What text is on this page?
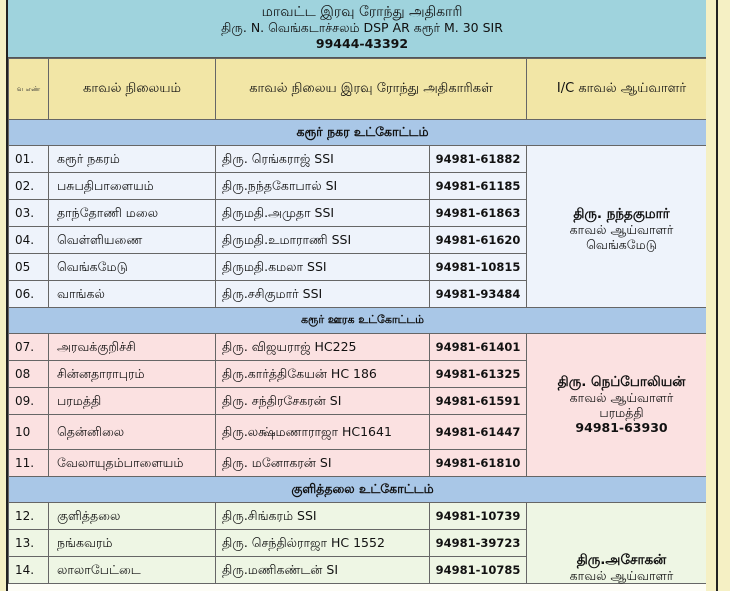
மாவட்ட இரவு ரோந்து அதிகாரி
திரு. N. வெங்கடாச்சலம் DSP AR கரூர் M. 30 SIR
99444-43392
வ எண்	காவல் நிலையம்	காவல் நிலைய இரவு ரோந்து அதிகாரிகள்		I/C காவல் ஆய்வாளர்
கரூர் நகர உட்கோட்டம்				
01.	கரூர் நகரம்	திரு. ரெங்கராஜ் SSI	94981-61882	திரு. நந்தகுமார்
காவல் ஆய்வாளர்
வெங்கமேடு

02.	பசுபதிபாளையம்	திரு.நந்தகோபால் SI	94981-61185	
03.	தாந்தோணி மலை	திருமதி.அமுதா SSI	94981-61863	
04.	வெள்ளியணை	திருமதி.உமாராணி SSI	94981-61620	
05	வெங்கமேடு	திருமதி.கமலா SSI	94981-10815	
06.	வாங்கல்	திரு.சசிகுமார் SSI	94981-93484	
கரூர் ஊரக உட்கோட்டம்				
07.	அரவக்குறிச்சி	திரு. விஜயராஜ் HC225	94981-61401	திரு. நெப்போலியன்
காவல் ஆய்வாளர்
பரமத்தி
94981-63930

08	சின்னதாராபுரம்	திரு.கார்த்திகேயன் HC 186	94981-61325	
09.	பரமத்தி	திரு. சந்திரசேகரன் SI	94981-61591	
10	தென்னிலை	திரு.லக்ஷ்மணாராஜா HC1641	94981-61447	
11.	வேலாயுதம்பாளையம்	திரு. மனோகரன் SI	94981-61810	
குளித்தலை உட்கோட்டம்				
12.	குளித்தலை	திரு.சிங்கரம் SSI	94981-10739	திரு.அசோகன்
காவல் ஆய்வாளர்

13.	நங்கவரம்	திரு. செந்தில்ராஜா HC 1552	94981-39723	
14.	லாலாபேட்டை	திரு.மணிகண்டன் SI	94981-10785	
